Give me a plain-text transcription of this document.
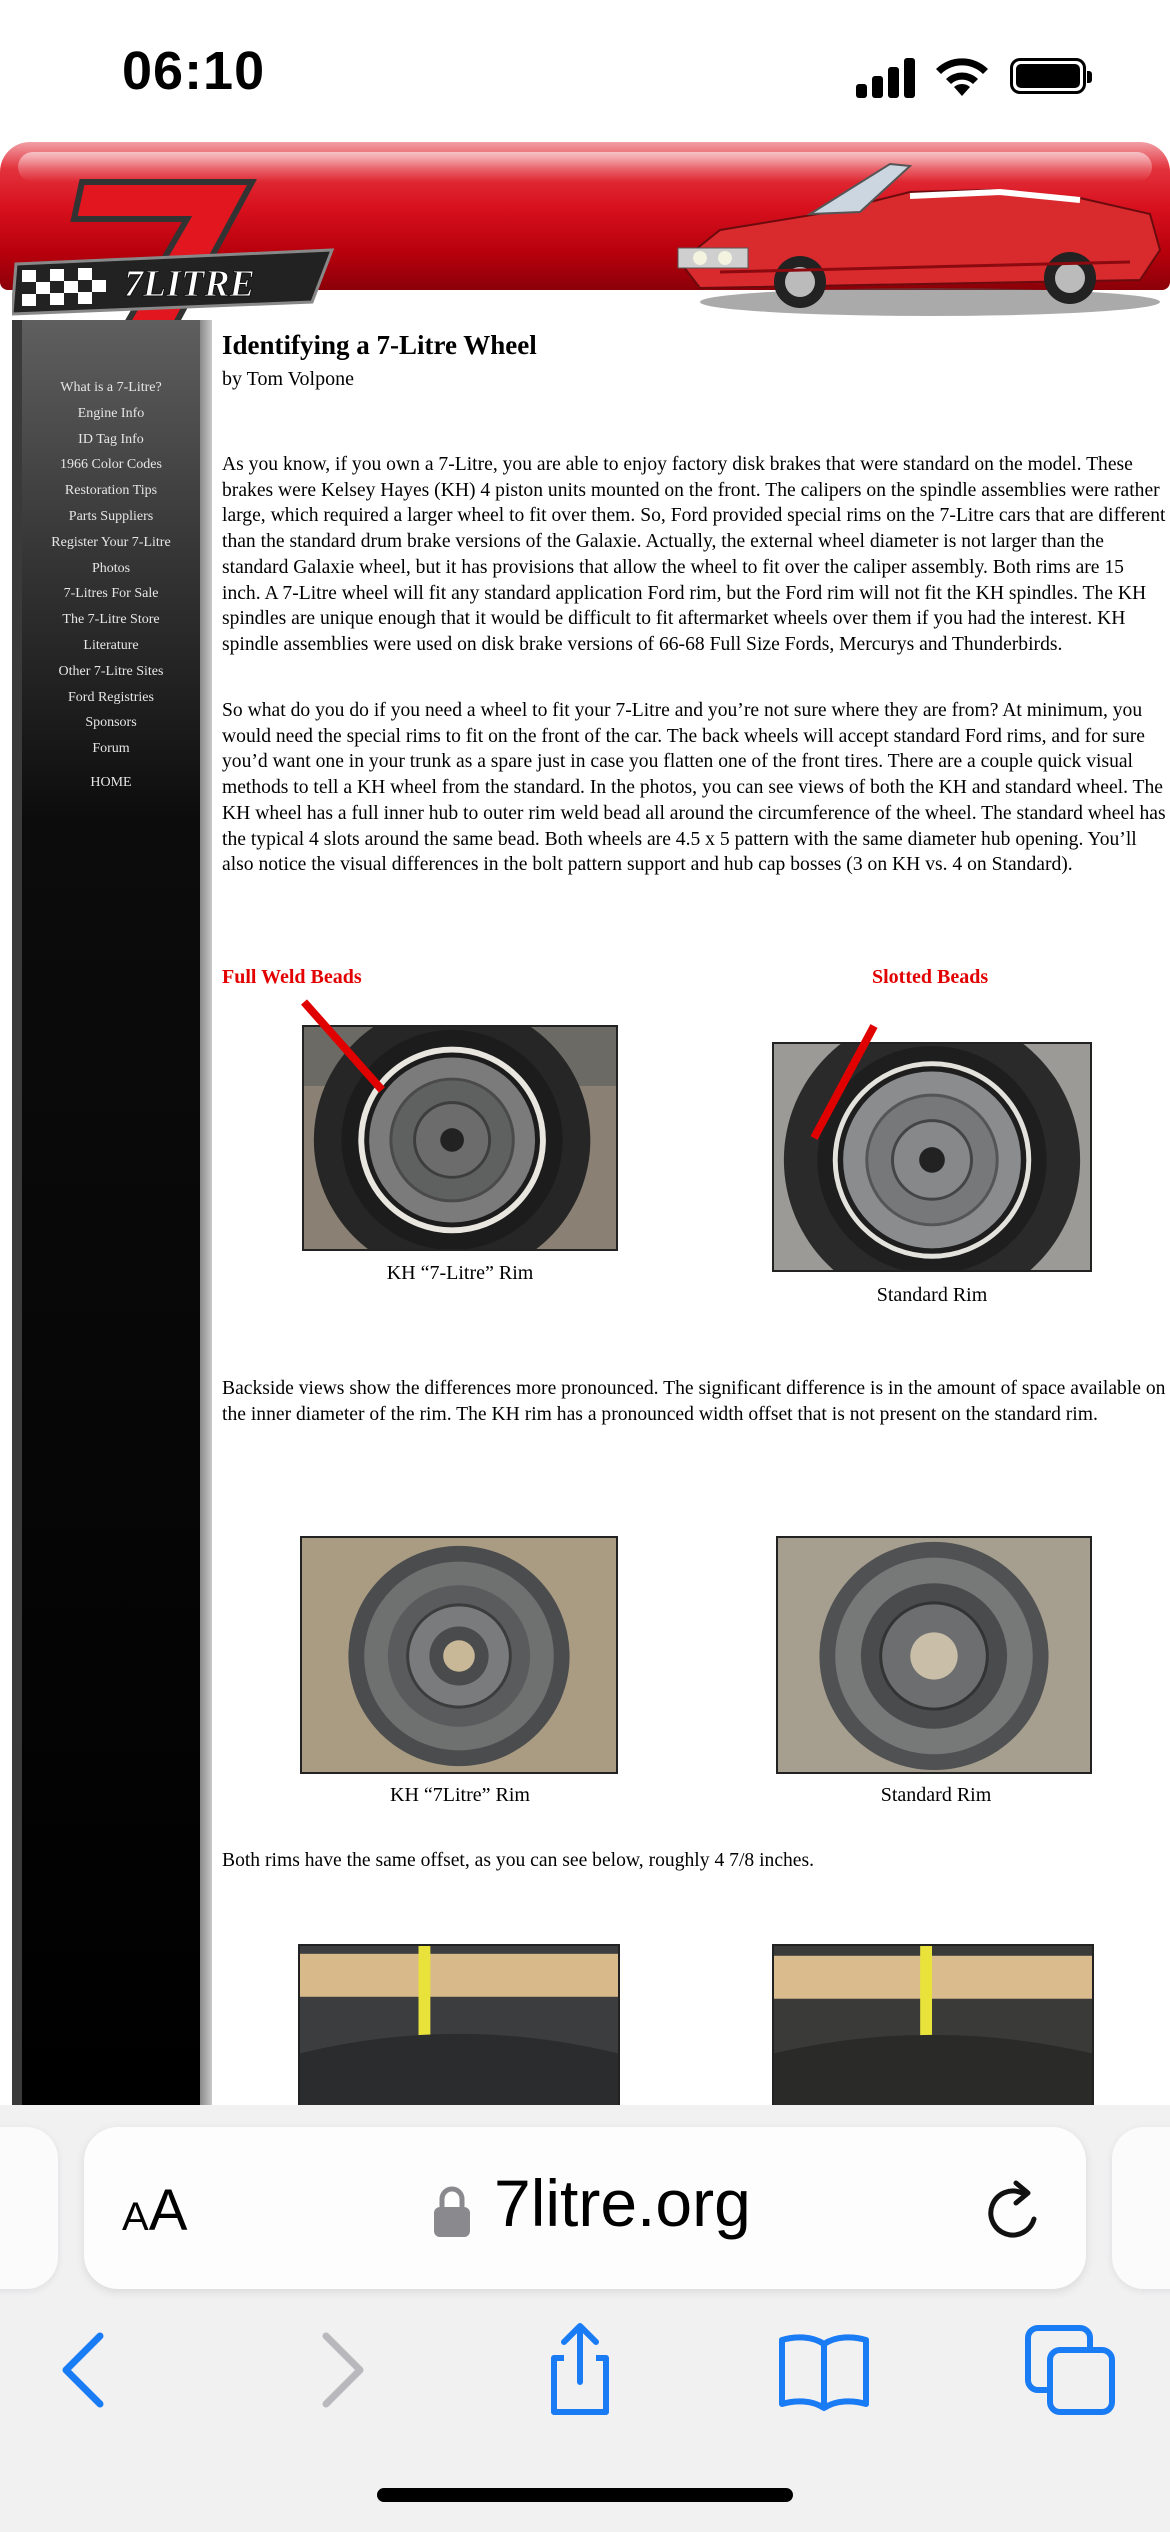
06:10
7LITRE
What is a 7-Litre?
Engine Info
ID Tag Info
1966 Color Codes
Restoration Tips
Parts Suppliers
Register Your 7-Litre
Photos
7-Litres For Sale
The 7-Litre Store
Literature
Other 7-Litre Sites
Ford Registries
Sponsors
Forum
HOME
Identifying a 7-Litre Wheel
by Tom Volpone

As you know, if you own a 7-Litre, you are able to enjoy factory disk brakes that were standard on the model. These brakes were Kelsey Hayes (KH) 4 piston units mounted on the front. The calipers on the spindle assemblies were rather large, which required a larger wheel to fit over them. So, Ford provided special rims on the 7-Litre cars that are different than the standard drum brake versions of the Galaxie. Actually, the external wheel diameter is not larger than the standard Galaxie wheel, but it has provisions that allow the wheel to fit over the caliper assembly. Both rims are 15 inch. A 7-Litre wheel will fit any standard application Ford rim, but the Ford rim will not fit the KH spindles. The KH spindles are unique enough that it would be difficult to fit aftermarket wheels over them if you had the interest. KH spindle assemblies were used on disk brake versions of 66-68 Full Size Fords, Mercurys and Thunderbirds.

So what do you do if you need a wheel to fit your 7-Litre and you’re not sure where they are from? At minimum, you would need the special rims to fit on the front of the car. The back wheels will accept standard Ford rims, and for sure you’d want one in your trunk as a spare just in case you flatten one of the front tires. There are a couple quick visual methods to tell a KH wheel from the standard. In the photos, you can see views of both the KH and standard wheel. The KH wheel has a full inner hub to outer rim weld bead all around the circumference of the wheel. The standard wheel has the typical 4 slots around the same bead. Both wheels are 4.5 x 5 pattern with the same diameter hub opening. You’ll also notice the visual differences in the bolt pattern support and hub cap bosses (3 on KH vs. 4 on Standard).

Full Weld Beads	Slotted Beads
KH “7-Litre” Rim
Standard Rim

Backside views show the differences more pronounced. The significant difference is in the amount of space available on the inner diameter of the rim. The KH rim has a pronounced width offset that is not present on the standard rim.

KH “7Litre” Rim	Standard Rim

Both rims have the same offset, as you can see below, roughly 4 7/8 inches.

AA	7litre.org
